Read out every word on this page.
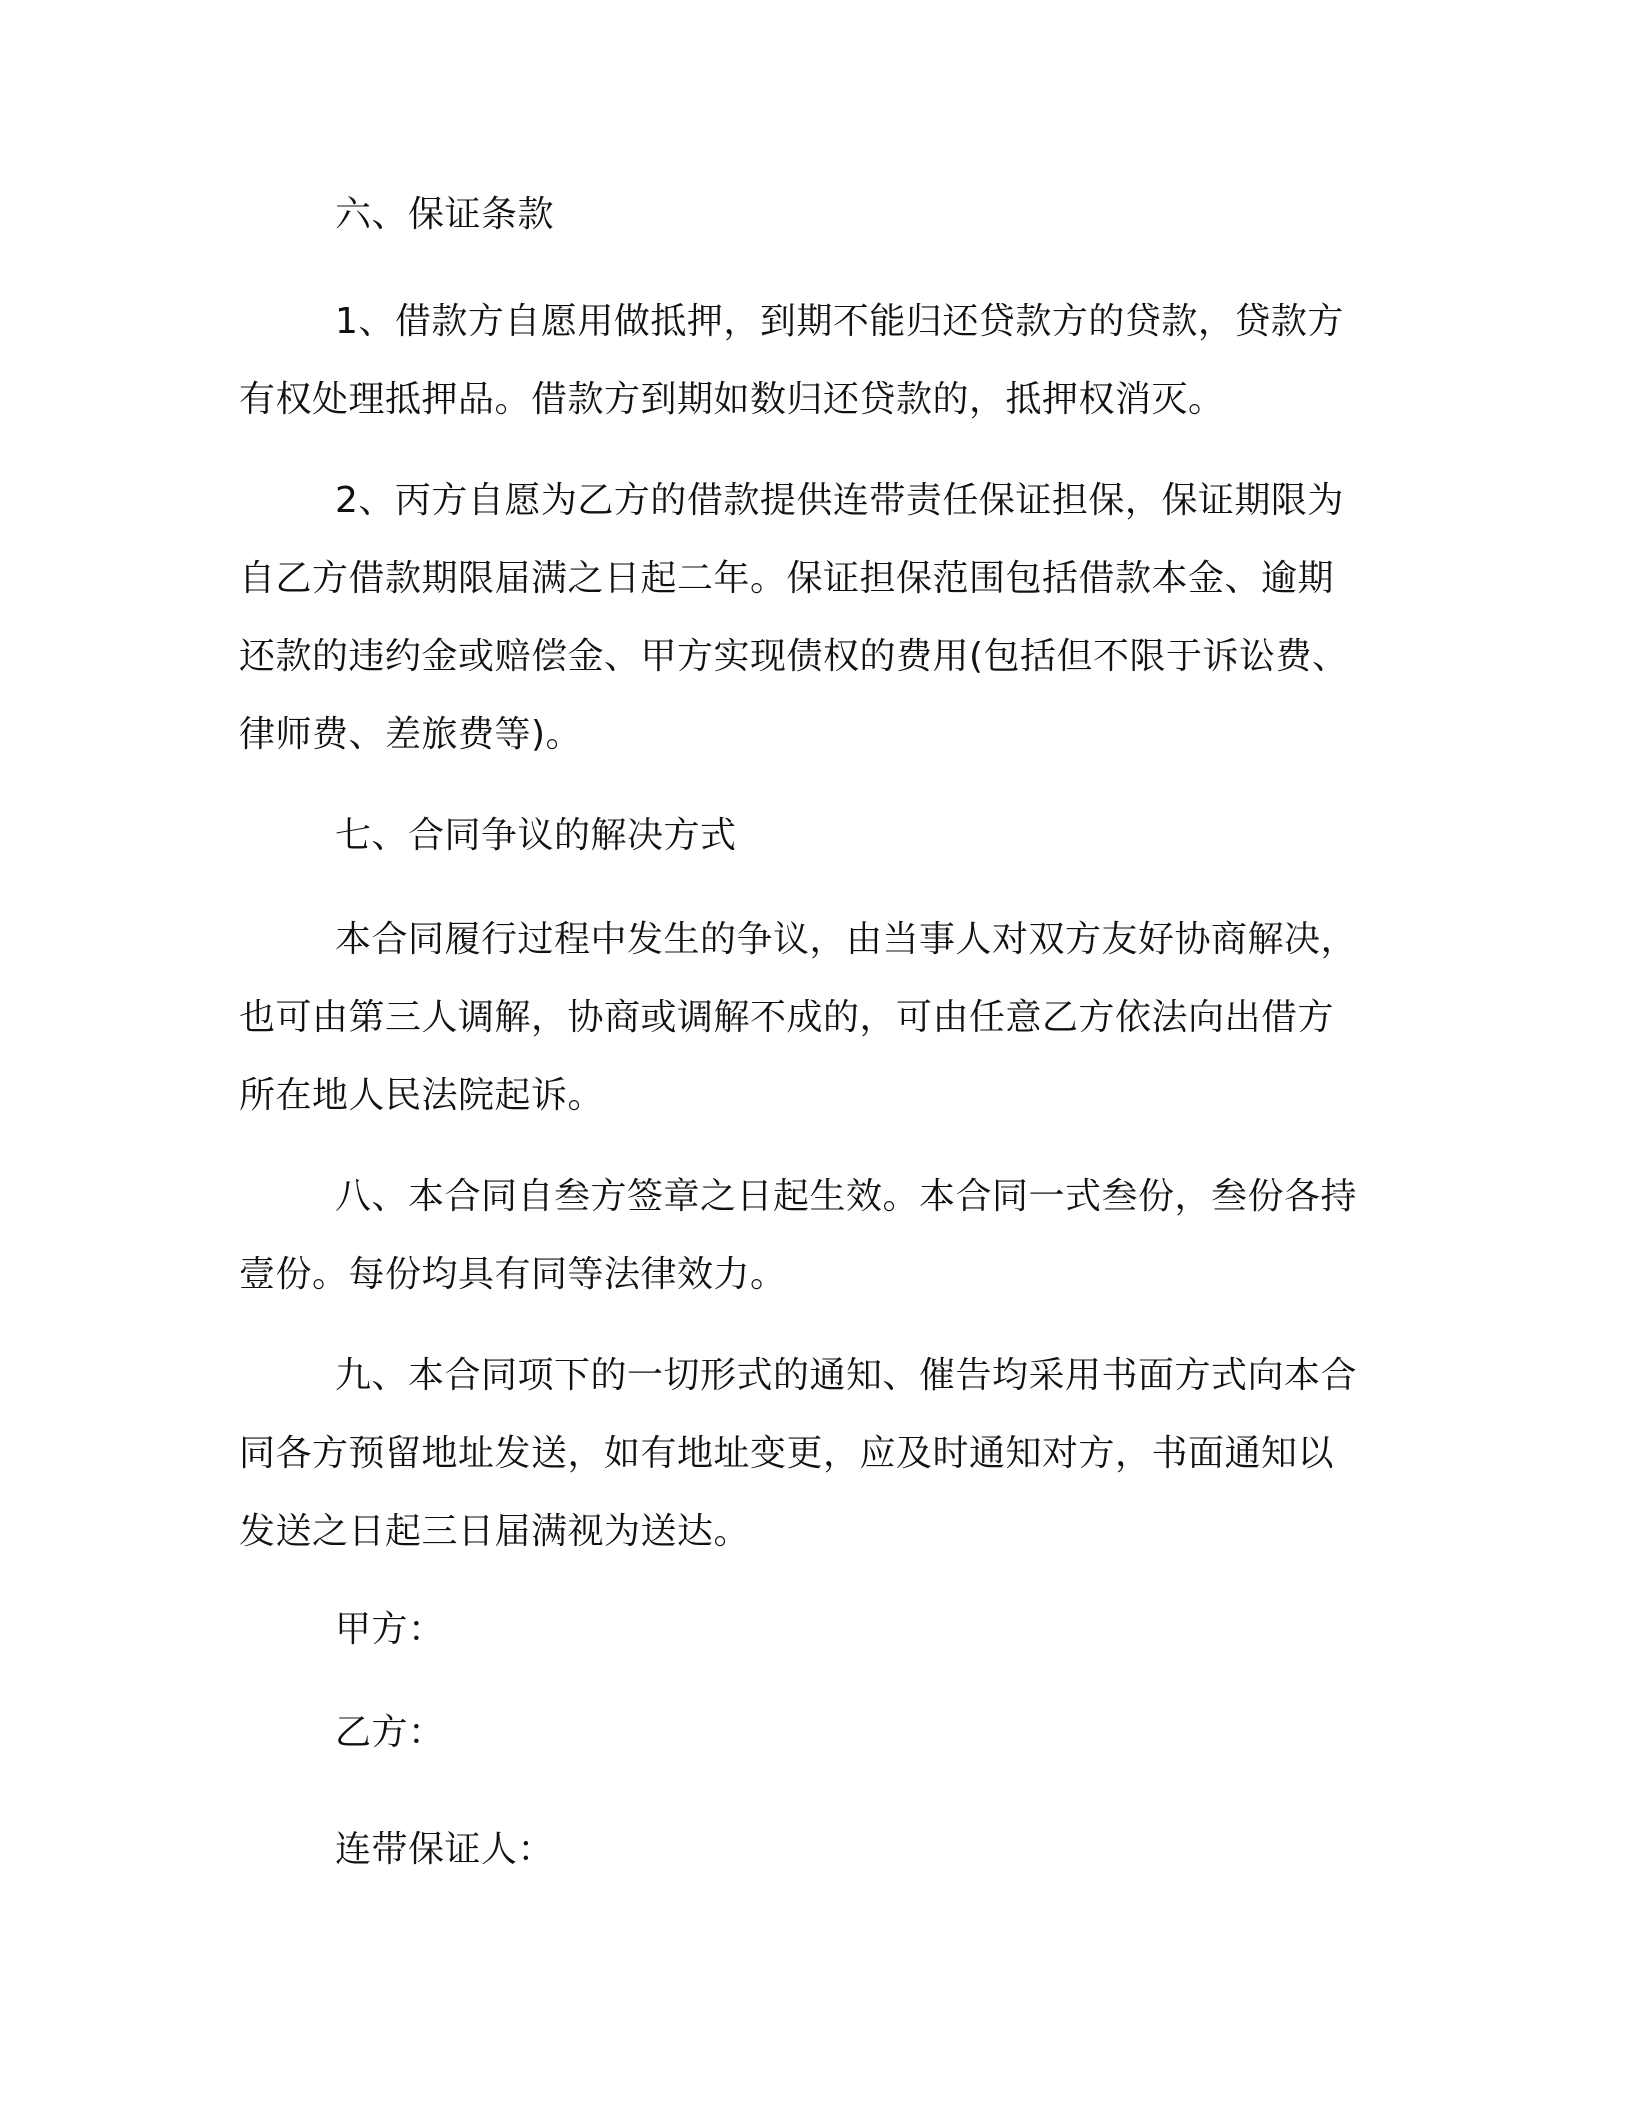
六、保证条款
1、借款方自愿用做抵押，到期不能归还贷款方的贷款，贷款方
有权处理抵押品。借款方到期如数归还贷款的，抵押权消灭。
2、丙方自愿为乙方的借款提供连带责任保证担保，保证期限为
自乙方借款期限届满之日起二年。保证担保范围包括借款本金、逾期
还款的违约金或赔偿金、甲方实现债权的费用(包括但不限于诉讼费、
律师费、差旅费等)。
七、合同争议的解决方式
本合同履行过程中发生的争议，由当事人对双方友好协商解决，
也可由第三人调解，协商或调解不成的，可由任意乙方依法向出借方
所在地人民法院起诉。
八、本合同自叁方签章之日起生效。本合同一式叁份，叁份各持
壹份。每份均具有同等法律效力。
九、本合同项下的一切形式的通知、催告均采用书面方式向本合
同各方预留地址发送，如有地址变更，应及时通知对方，书面通知以
发送之日起三日届满视为送达。
甲方：
乙方：
连带保证人：
